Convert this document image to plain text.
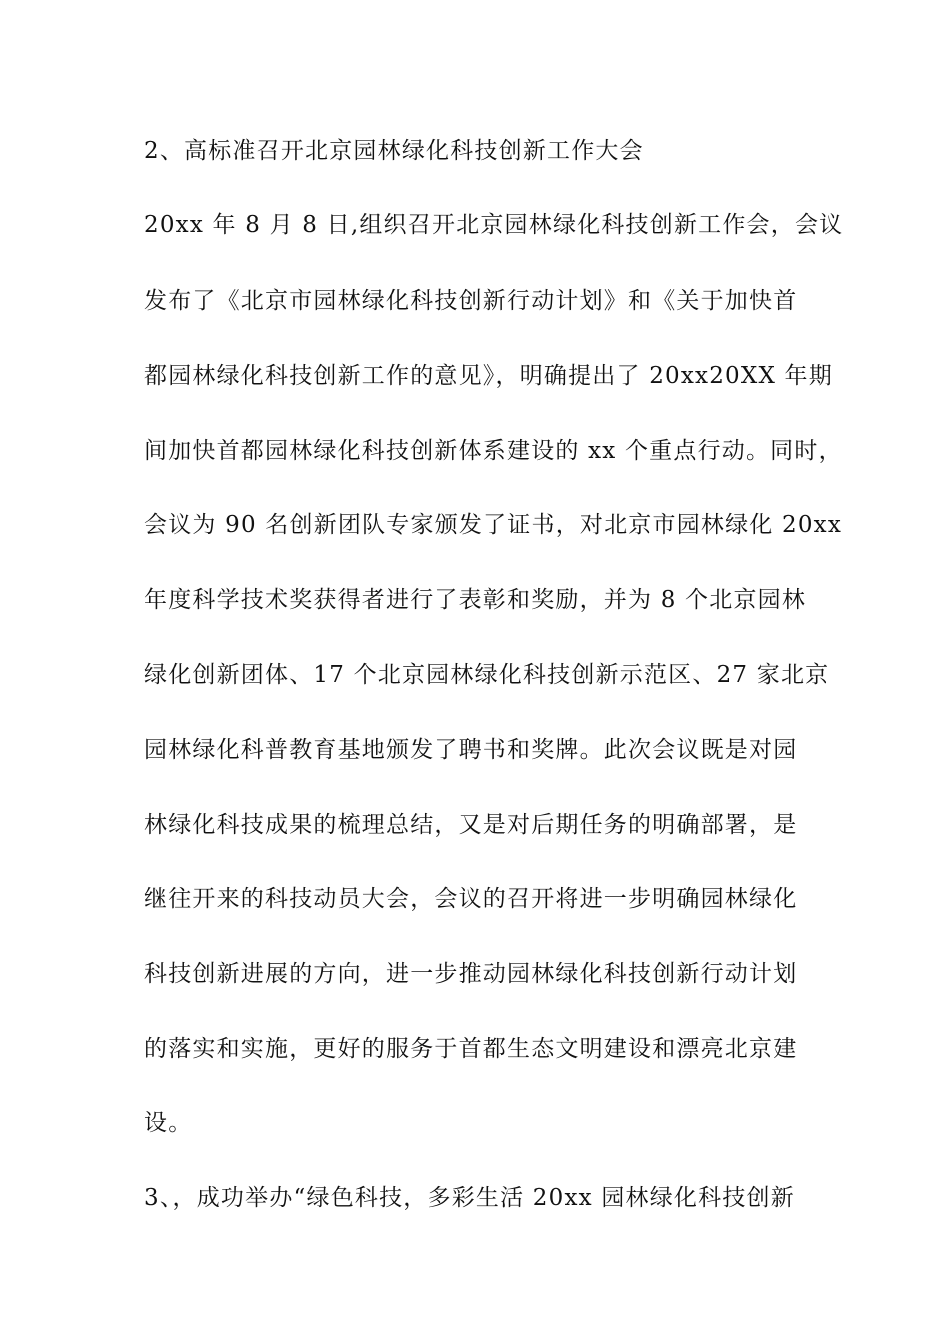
2、高标准召开北京园林绿化科技创新工作大会
20xx 年 8 月 8 日,组织召开北京园林绿化科技创新工作会，会议
发布了《北京市园林绿化科技创新行动计划》和《关于加快首
都园林绿化科技创新工作的意见》，明确提出了 20xx20XX 年期
间加快首都园林绿化科技创新体系建设的 xx 个重点行动。同时，
会议为 90 名创新团队专家颁发了证书，对北京市园林绿化 20xx
年度科学技术奖获得者进行了表彰和奖励，并为 8 个北京园林
绿化创新团体、17 个北京园林绿化科技创新示范区、27 家北京
园林绿化科普教育基地颁发了聘书和奖牌。此次会议既是对园
林绿化科技成果的梳理总结，又是对后期任务的明确部署，是
继往开来的科技动员大会，会议的召开将进一步明确园林绿化
科技创新进展的方向，进一步推动园林绿化科技创新行动计划
的落实和实施，更好的服务于首都生态文明建设和漂亮北京建
设。
3、，成功举办“绿色科技，多彩生活 20xx 园林绿化科技创新
